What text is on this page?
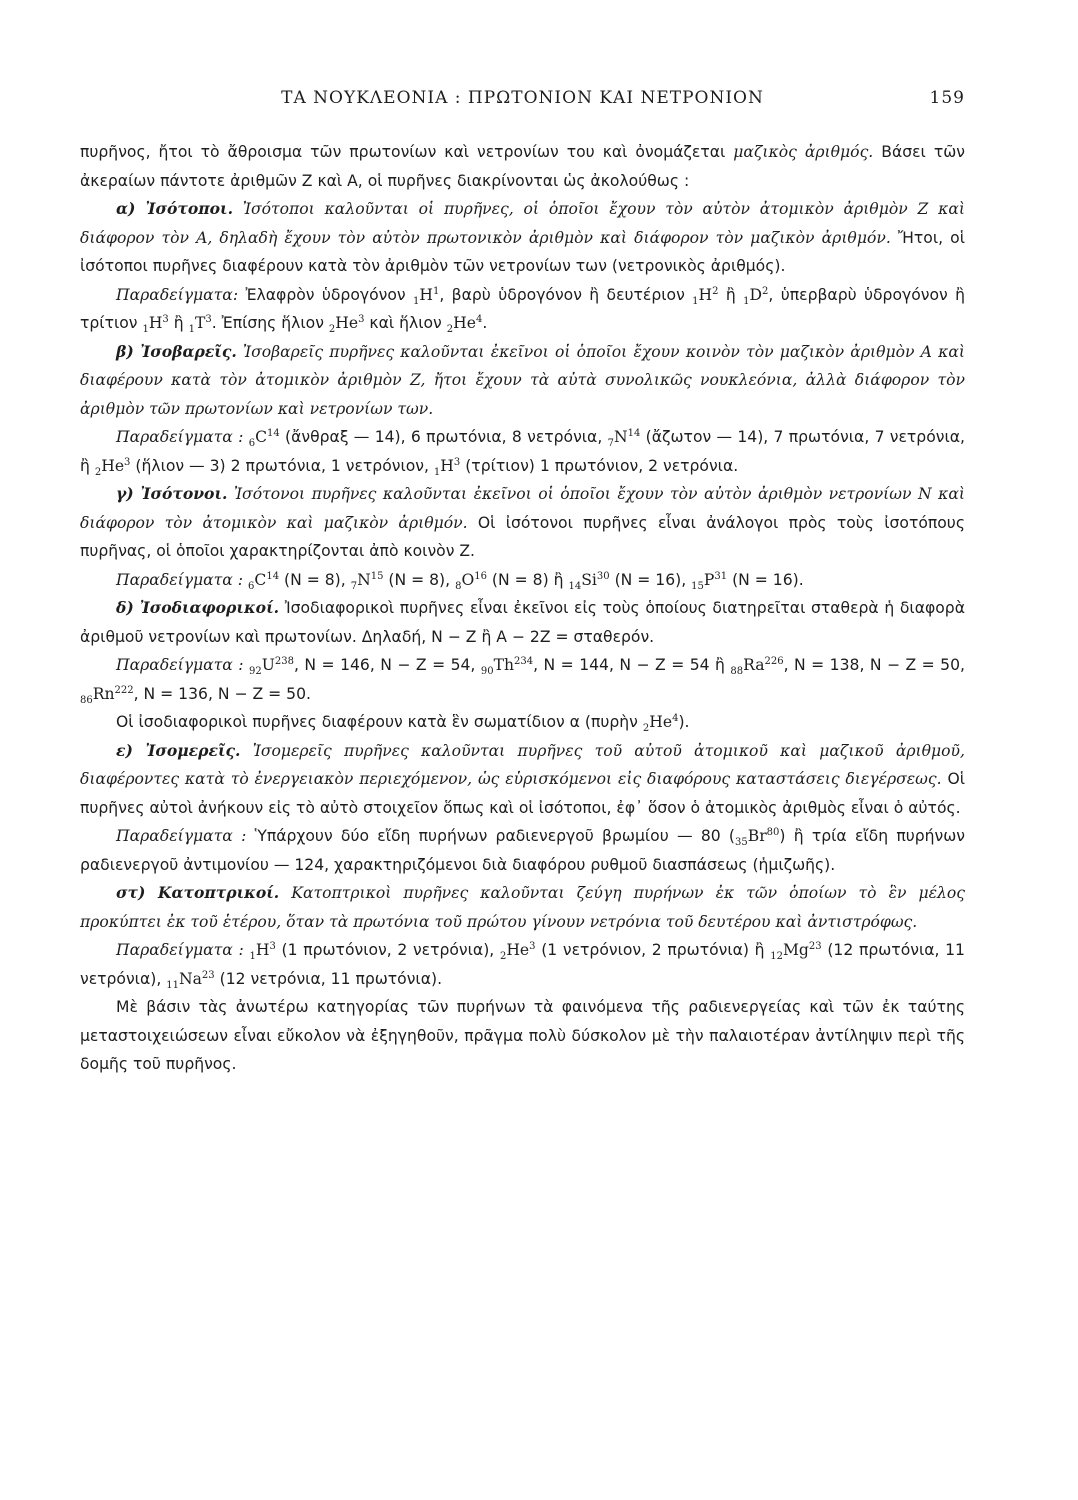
ΤΑ ΝΟΥΚΛΕΟΝΙΑ : ΠΡΩΤΟΝΙΟΝ ΚΑΙ ΝΕΤΡΟΝΙΟΝ	159

πυρῆνος, ἤτοι τὸ ἄθροισμα τῶν πρωτονίων καὶ νετρονίων του καὶ ὀνομάζεται μαζικὸς ἀριθμός. Βάσει τῶν ἀκεραίων πάντοτε ἀριθμῶν Z καὶ A, οἱ πυρῆνες διακρίνονται ὡς ἀκολούθως :

α) Ἰσότοποι. Ἰσότοποι καλοῦνται οἱ πυρῆνες, οἱ ὁποῖοι ἔχουν τὸν αὐτὸν ἀτομικὸν ἀριθμὸν Z καὶ διάφορον τὸν A, δηλαδὴ ἔχουν τὸν αὐτὸν πρωτονικὸν ἀριθμὸν καὶ διάφορον τὸν μαζικὸν ἀριθμόν. Ἤτοι, οἱ ἰσότοποι πυρῆνες διαφέρουν κατὰ τὸν ἀριθμὸν τῶν νετρονίων των (νετρονικὸς ἀριθμός).

Παραδείγματα: Ἐλαφρὸν ὑδρογόνον $_1H^1$, βαρὺ ὑδρογόνον ἢ δευτέριον $_1H^2$ ἢ $_1D^2$, ὑπερβαρὺ ὑδρογόνον ἢ τρίτιον $_1H^3$ ἢ $_1T^3$. Ἐπίσης ἥλιον $_2He^3$ καὶ ἥλιον $_2He^4$.

β) Ἰσοβαρεῖς. Ἰσοβαρεῖς πυρῆνες καλοῦνται ἐκεῖνοι οἱ ὁποῖοι ἔχουν κοινὸν τὸν μαζικὸν ἀριθμὸν A καὶ διαφέρουν κατὰ τὸν ἀτομικὸν ἀριθμὸν Z, ἤτοι ἔχουν τὰ αὐτὰ συνολικῶς νουκλεόνια, ἀλλὰ διάφορον τὸν ἀριθμὸν τῶν πρωτονίων καὶ νετρονίων των.

Παραδείγματα : $_6C^{14}$ (ἄνθραξ — 14), 6 πρωτόνια, 8 νετρόνια, $_7N^{14}$ (ἄζωτον — 14), 7 πρωτόνια, 7 νετρόνια, ἢ $_2He^3$ (ἥλιον — 3) 2 πρωτόνια, 1 νετρόνιον, $_1H^3$ (τρίτιον) 1 πρωτόνιον, 2 νετρόνια.

γ) Ἰσότονοι. Ἰσότονοι πυρῆνες καλοῦνται ἐκεῖνοι οἱ ὁποῖοι ἔχουν τὸν αὐτὸν ἀριθμὸν νετρονίων N καὶ διάφορον τὸν ἀτομικὸν καὶ μαζικὸν ἀριθμόν. Οἱ ἰσότονοι πυρῆνες εἶναι ἀνάλογοι πρὸς τοὺς ἰσοτόπους πυρῆνας, οἱ ὁποῖοι χαρακτηρίζονται ἀπὸ κοινὸν Z.

Παραδείγματα : $_6C^{14}$ (N = 8), $_7N^{15}$ (N = 8), $_8O^{16}$ (N = 8) ἢ $_{14}Si^{30}$ (N = 16), $_{15}P^{31}$ (N = 16).

δ) Ἰσοδιαφορικοί. Ἰσοδιαφορικοὶ πυρῆνες εἶναι ἐκεῖνοι εἰς τοὺς ὁποίους διατηρεῖται σταθερὰ ἡ διαφορὰ ἀριθμοῦ νετρονίων καὶ πρωτονίων. Δηλαδή, N − Z ἢ A − 2Z = σταθερόν.

Παραδείγματα : $_{92}U^{238}$, N = 146, N − Z = 54, $_{90}Th^{234}$, N = 144, N − Z = 54 ἢ $_{88}Ra^{226}$, N = 138, N − Z = 50, $_{86}Rn^{222}$, N = 136, N − Z = 50.

Οἱ ἰσοδιαφορικοὶ πυρῆνες διαφέρουν κατὰ ἓν σωματίδιον α (πυρὴν $_2He^4$).

ε) Ἰσομερεῖς. Ἰσομερεῖς πυρῆνες καλοῦνται πυρῆνες τοῦ αὐτοῦ ἀτομικοῦ καὶ μαζικοῦ ἀριθμοῦ, διαφέροντες κατὰ τὸ ἐνεργειακὸν περιεχόμενον, ὡς εὑρισκόμενοι εἰς διαφόρους καταστάσεις διεγέρσεως. Οἱ πυρῆνες αὐτοὶ ἀνήκουν εἰς τὸ αὐτὸ στοιχεῖον ὅπως καὶ οἱ ἰσότοποι, ἐφ᾽ ὅσον ὁ ἀτομικὸς ἀριθμὸς εἶναι ὁ αὐτός.

Παραδείγματα : Ὑπάρχουν δύο εἴδη πυρήνων ραδιενεργοῦ βρωμίου — 80 $(_{35}Br^{80})$ ἢ τρία εἴδη πυρήνων ραδιενεργοῦ ἀντιμονίου — 124, χαρακτηριζόμενοι διὰ διαφόρου ρυθμοῦ διασπάσεως (ἡμιζωῆς).

στ) Κατοπτρικοί. Κατοπτρικοὶ πυρῆνες καλοῦνται ζεύγη πυρήνων ἐκ τῶν ὁποίων τὸ ἓν μέλος προκύπτει ἐκ τοῦ ἑτέρου, ὅταν τὰ πρωτόνια τοῦ πρώτου γίνουν νετρόνια τοῦ δευτέρου καὶ ἀντιστρόφως.

Παραδείγματα : $_1H^3$ (1 πρωτόνιον, 2 νετρόνια), $_2He^3$ (1 νετρόνιον, 2 πρωτόνια) ἢ $_{12}Mg^{23}$ (12 πρωτόνια, 11 νετρόνια), $_{11}Na^{23}$ (12 νετρόνια, 11 πρωτόνια).

Μὲ βάσιν τὰς ἀνωτέρω κατηγορίας τῶν πυρήνων τὰ φαινόμενα τῆς ραδιενεργείας καὶ τῶν ἐκ ταύτης μεταστοιχειώσεων εἶναι εὔκολον νὰ ἐξηγηθοῦν, πρᾶγμα πολὺ δύσκολον μὲ τὴν παλαιοτέραν ἀντίληψιν περὶ τῆς δομῆς τοῦ πυρῆνος.
